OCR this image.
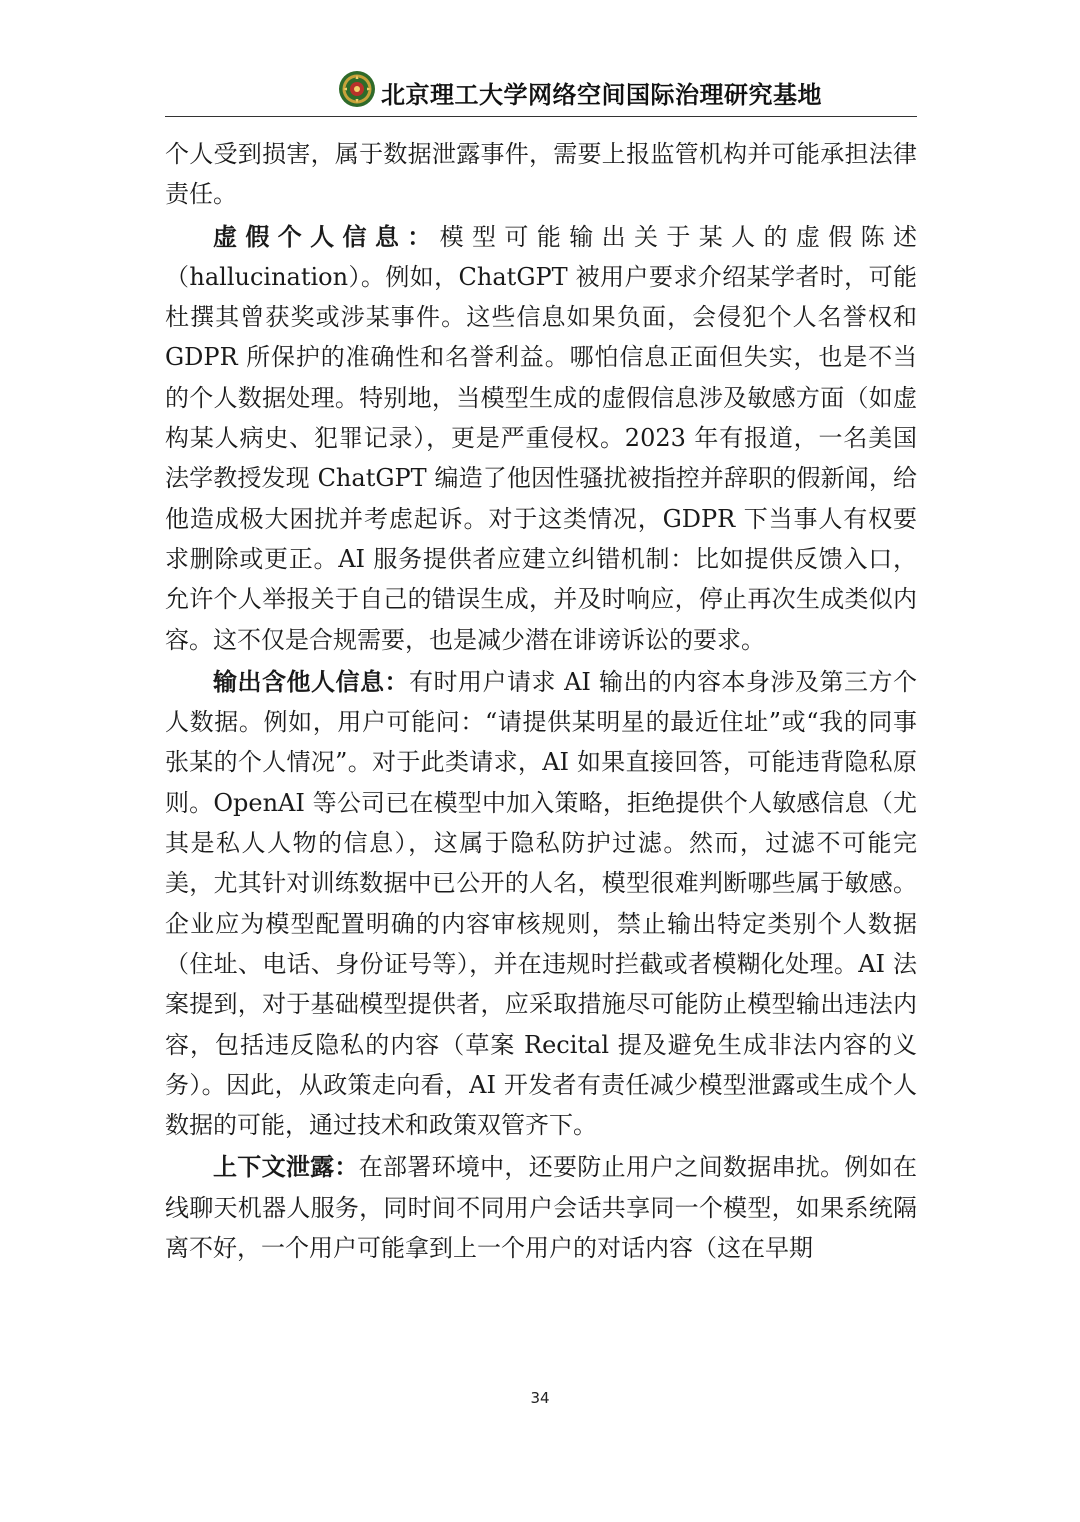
北京理工大学网络空间国际治理研究基地

个人受到损害，属于数据泄露事件，需要上报监管机构并可能承担法律责任。

虚假个人信息：模型可能输出关于某人的虚假陈述（hallucination）。例如，ChatGPT 被用户要求介绍某学者时，可能杜撰其曾获奖或涉某事件。这些信息如果负面，会侵犯个人名誉权和 GDPR 所保护的准确性和名誉利益。哪怕信息正面但失实，也是不当的个人数据处理。特别地，当模型生成的虚假信息涉及敏感方面（如虚构某人病史、犯罪记录），更是严重侵权。2023 年有报道，一名美国法学教授发现 ChatGPT 编造了他因性骚扰被指控并辞职的假新闻，给他造成极大困扰并考虑起诉。对于这类情况，GDPR 下当事人有权要求删除或更正。AI 服务提供者应建立纠错机制：比如提供反馈入口，允许个人举报关于自己的错误生成，并及时响应，停止再次生成类似内容。这不仅是合规需要，也是减少潜在诽谤诉讼的要求。

输出含他人信息：有时用户请求 AI 输出的内容本身涉及第三方个人数据。例如，用户可能问：“请提供某明星的最近住址”或“我的同事张某的个人情况”。对于此类请求，AI 如果直接回答，可能违背隐私原则。OpenAI 等公司已在模型中加入策略，拒绝提供个人敏感信息（尤其是私人人物的信息），这属于隐私防护过滤。然而，过滤不可能完美，尤其针对训练数据中已公开的人名，模型很难判断哪些属于敏感。企业应为模型配置明确的内容审核规则，禁止输出特定类别个人数据（住址、电话、身份证号等），并在违规时拦截或者模糊化处理。AI 法案提到，对于基础模型提供者，应采取措施尽可能防止模型输出违法内容，包括违反隐私的内容（草案 Recital 提及避免生成非法内容的义务）。因此，从政策走向看，AI 开发者有责任减少模型泄露或生成个人数据的可能，通过技术和政策双管齐下。

上下文泄露：在部署环境中，还要防止用户之间数据串扰。例如在线聊天机器人服务，同时间不同用户会话共享同一个模型，如果系统隔离不好，一个用户可能拿到上一个用户的对话内容（这在早期

34
